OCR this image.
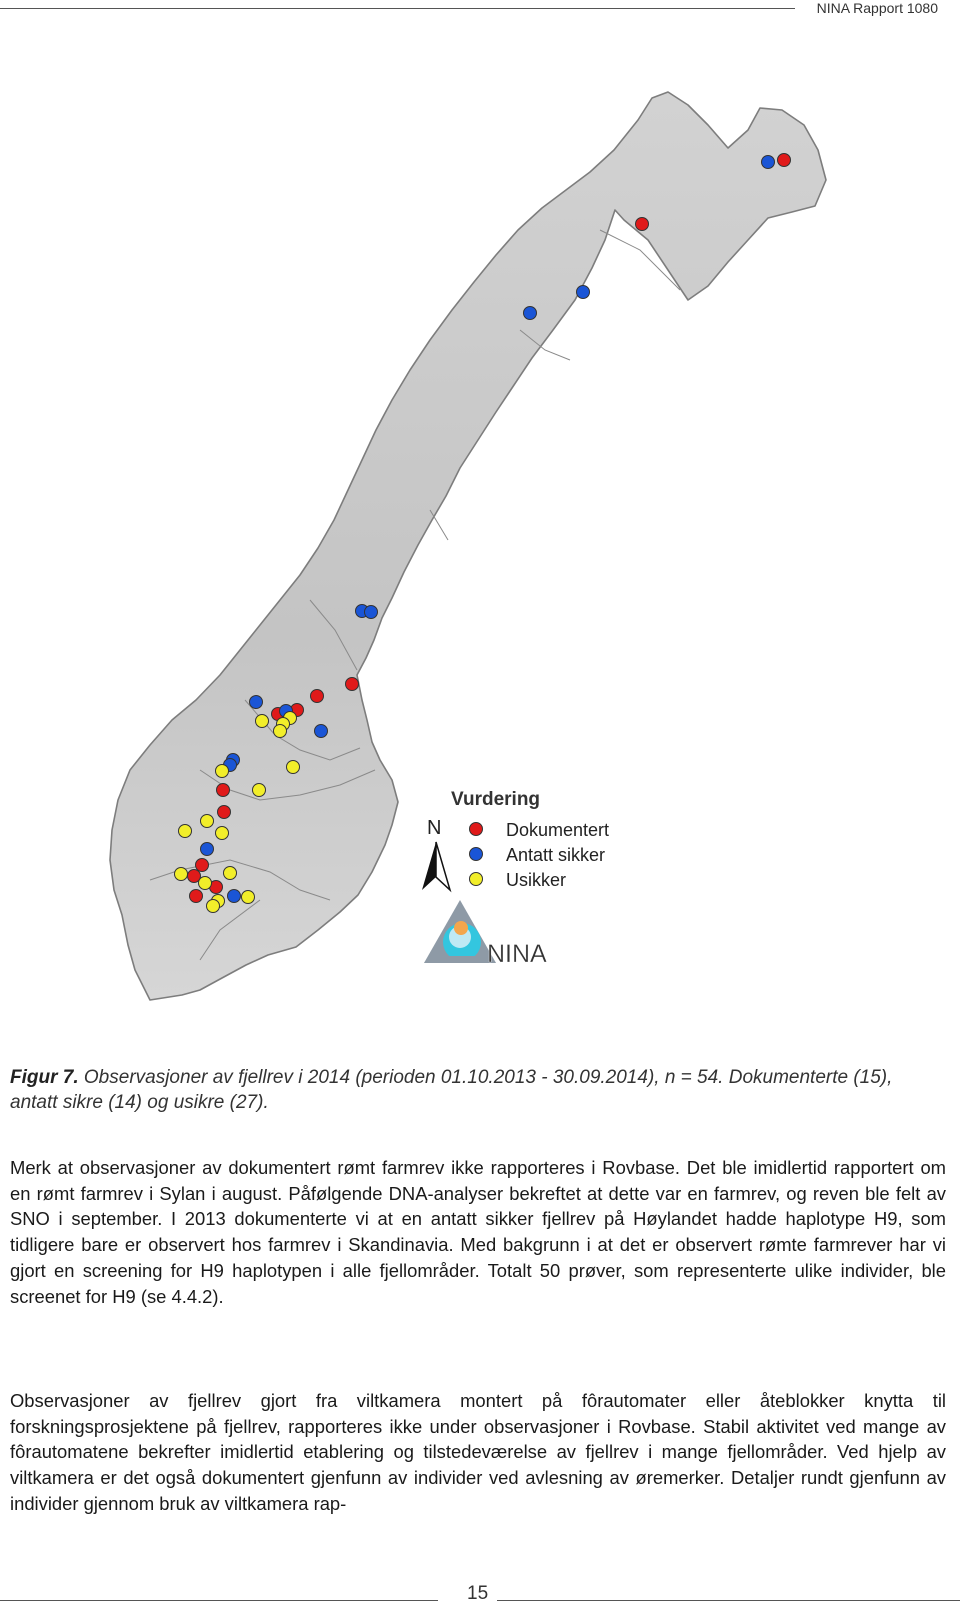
NINA Rapport 1080
Vurdering
N	Dokumentert
Antatt sikker
Usikker
NINA
Figur 7. Observasjoner av fjellrev i 2014 (perioden 01.10.2013 - 30.09.2014), n = 54. Dokumenterte (15), antatt sikre (14) og usikre (27).
Merk at observasjoner av dokumentert rømt farmrev ikke rapporteres i Rovbase. Det ble imidlertid rapportert om en rømt farmrev i Sylan i august. Påfølgende DNA-analyser bekreftet at dette var en farmrev, og reven ble felt av SNO i september. I 2013 dokumenterte vi at en antatt sikker fjellrev på Høylandet hadde haplotype H9, som tidligere bare er observert hos farmrev i Skandinavia. Med bakgrunn i at det er observert rømte farmrever har vi gjort en screening for H9 haplotypen i alle fjellområder. Totalt 50 prøver, som representerte ulike individer, ble screenet for H9 (se 4.4.2).
Observasjoner av fjellrev gjort fra viltkamera montert på fôrautomater eller åteblokker knytta til forskningsprosjektene på fjellrev, rapporteres ikke under observasjoner i Rovbase. Stabil aktivitet ved mange av fôrautomatene bekrefter imidlertid etablering og tilstedeværelse av fjellrev i mange fjellområder. Ved hjelp av viltkamera er det også dokumentert gjenfunn av individer ved avlesning av øremerker. Detaljer rundt gjenfunn av individer gjennom bruk av viltkamera rap-
15
